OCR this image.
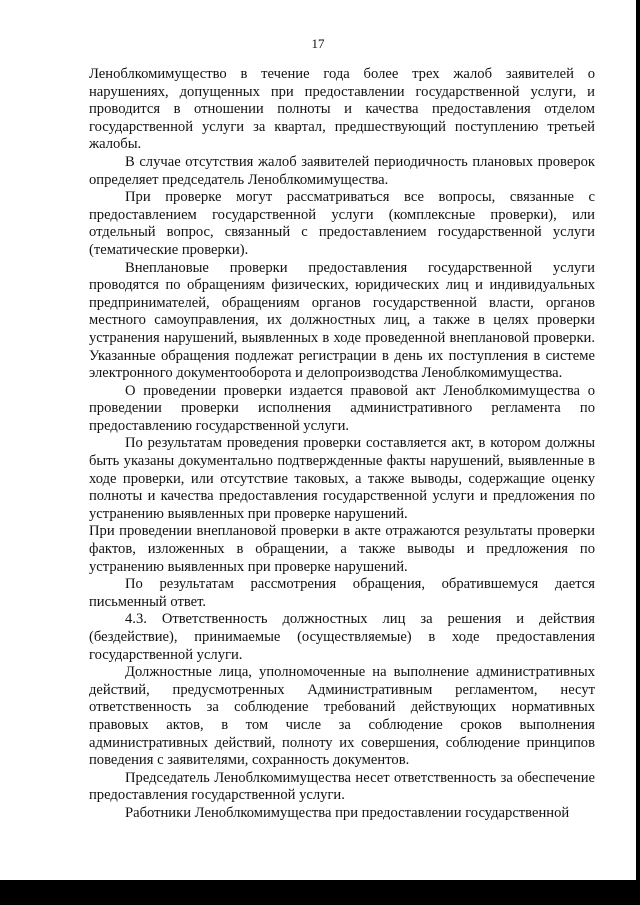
17

Леноблкомимущество в течение года более трех жалоб заявителей о нарушениях, допущенных при предоставлении государственной услуги, и проводится в отношении полноты и качества предоставления отделом государственной услуги за квартал, предшествующий поступлению третьей жалобы.

В случае отсутствия жалоб заявителей периодичность плановых проверок определяет председатель Леноблкомимущества.

При проверке могут рассматриваться все вопросы, связанные с предоставлением государственной услуги (комплексные проверки), или отдельный вопрос, связанный с предоставлением государственной услуги (тематические проверки).

Внеплановые проверки предоставления государственной услуги проводятся по обращениям физических, юридических лиц и индивидуальных предпринимателей, обращениям органов государственной власти, органов местного самоуправления, их должностных лиц, а также в целях проверки устранения нарушений, выявленных в ходе проведенной внеплановой проверки. Указанные обращения подлежат регистрации в день их поступления в системе электронного документооборота и делопроизводства Леноблкомимущества.

О проведении проверки издается правовой акт Леноблкомимущества о проведении проверки исполнения административного регламента по предоставлению государственной услуги.

По результатам проведения проверки составляется акт, в котором должны быть указаны документально подтвержденные факты нарушений, выявленные в ходе проверки, или отсутствие таковых, а также выводы, содержащие оценку полноты и качества предоставления государственной услуги и предложения по устранению выявленных при проверке нарушений.

При проведении внеплановой проверки в акте отражаются результаты проверки фактов, изложенных в обращении, а также выводы и предложения по устранению выявленных при проверке нарушений.

По результатам рассмотрения обращения, обратившемуся дается письменный ответ.

4.3. Ответственность должностных лиц за решения и действия (бездействие), принимаемые (осуществляемые) в ходе предоставления государственной услуги.

Должностные лица, уполномоченные на выполнение административных действий, предусмотренных Административным регламентом, несут ответственность за соблюдение требований действующих нормативных правовых актов, в том числе за соблюдение сроков выполнения административных действий, полноту их совершения, соблюдение принципов поведения с заявителями, сохранность документов.

Председатель Леноблкомимущества несет ответственность за обеспечение предоставления государственной услуги.

Работники Леноблкомимущества при предоставлении государственной
